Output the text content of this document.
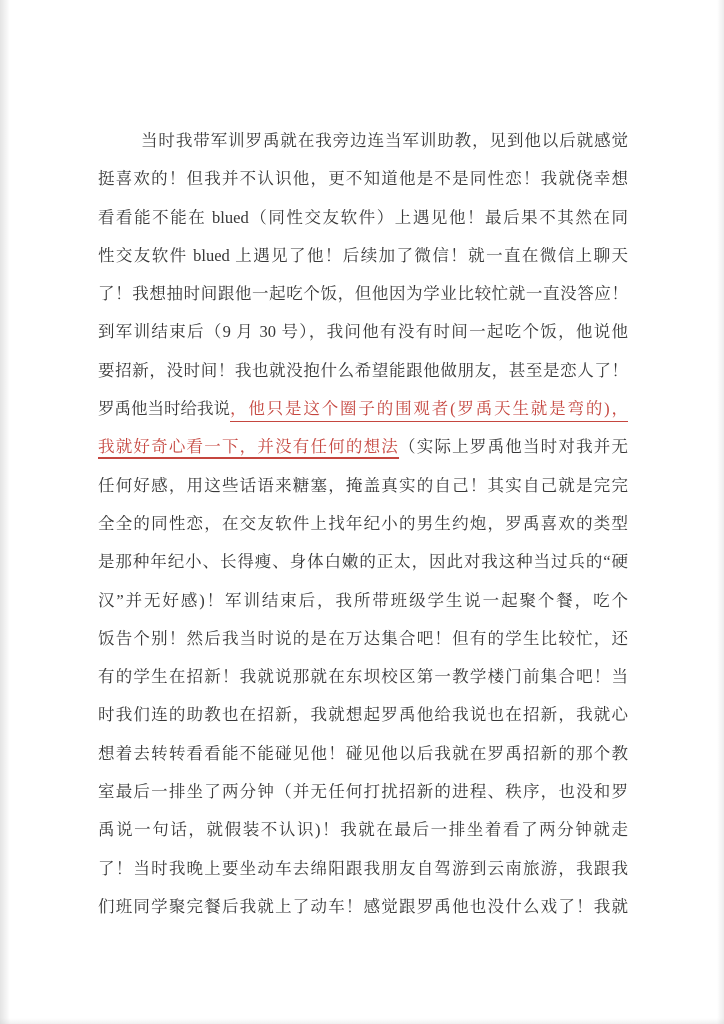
当时我带军训罗禹就在我旁边连当军训助教，见到他以后就感觉
挺喜欢的！但我并不认识他，更不知道他是不是同性恋！我就侥幸想
看看能不能在 blued（同性交友软件）上遇见他！最后果不其然在同
性交友软件 blued 上遇见了他！后续加了微信！就一直在微信上聊天
了！我想抽时间跟他一起吃个饭，但他因为学业比较忙就一直没答应！
到军训结束后（9 月 30 号），我问他有没有时间一起吃个饭，他说他
要招新，没时间！我也就没抱什么希望能跟他做朋友，甚至是恋人了！
罗禹他当时给我说 ，他只是这个圈子的围观者(罗禹天生就是弯的)，
我就好奇心看一下，并没有任何的想法（实际上罗禹他当时对我并无
任何好感，用这些话语来糖塞，掩盖真实的自己！其实自己就是完完
全全的同性恋，在交友软件上找年纪小的男生约炮，罗禹喜欢的类型
是那种年纪小、长得瘦、身体白嫩的正太，因此对我这种当过兵的“硬
汉”并无好感)！军训结束后，我所带班级学生说一起聚个餐，吃个
饭告个别！然后我当时说的是在万达集合吧！但有的学生比较忙，还
有的学生在招新！我就说那就在东坝校区第一教学楼门前集合吧！当
时我们连的助教也在招新，我就想起罗禹他给我说也在招新，我就心
想着去转转看看能不能碰见他！碰见他以后我就在罗禹招新的那个教
室最后一排坐了两分钟（并无任何打扰招新的进程、秩序，也没和罗
禹说一句话，就假装不认识)！我就在最后一排坐着看了两分钟就走
了！当时我晚上要坐动车去绵阳跟我朋友自驾游到云南旅游，我跟我
们班同学聚完餐后我就上了动车！感觉跟罗禹他也没什么戏了！我就
